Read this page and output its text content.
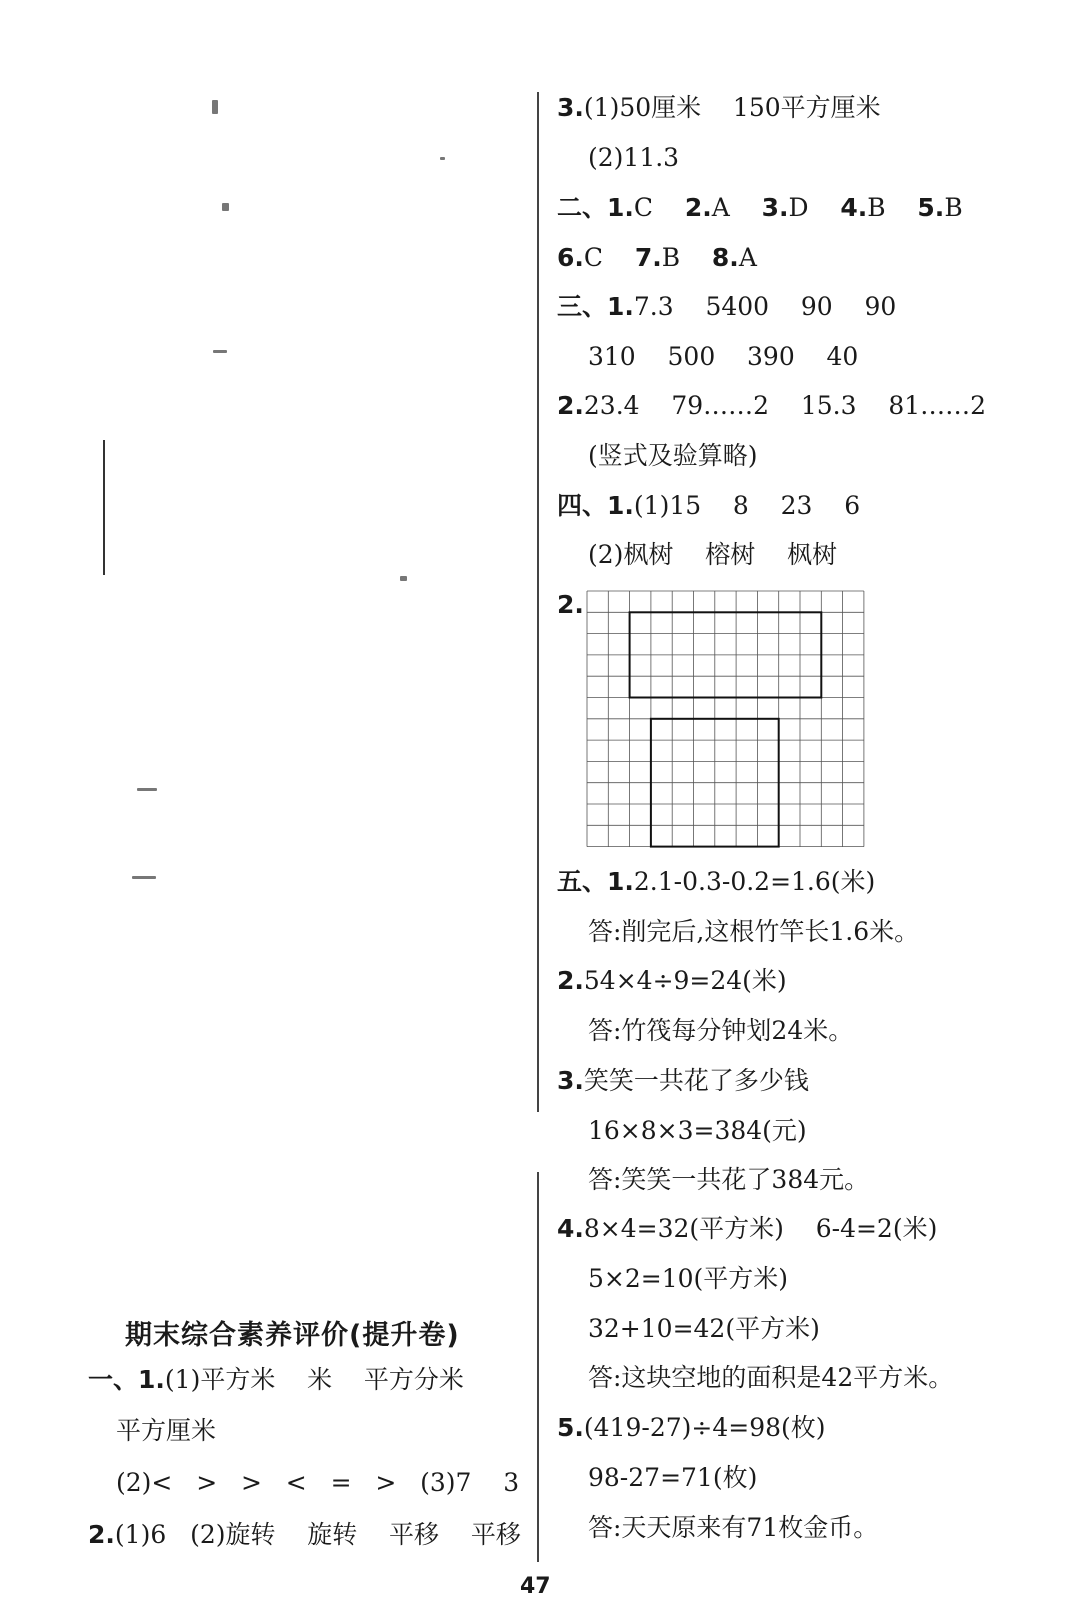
期末综合素养评价(提升卷)
一、1.(1)平方米    米    平方分米
平方厘米
(2)<   >   >   <   =   >   (3)7    3
2.(1)6   (2)旋转    旋转    平移    平移
3.(1)50厘米    150平方厘米
(2)11.3
二、1.C    2.A    3.D    4.B    5.B
6.C    7.B    8.A
三、1.7.3    5400    90    90
310    500    390    40
2.23.4    79……2    15.3    81……2
(竖式及验算略)
四、1.(1)15    8    23    6
(2)枫树    榕树    枫树
2.
五、1.2.1-0.3-0.2=1.6(米)
答:削完后,这根竹竿长1.6米。
2.54×4÷9=24(米)
答:竹筏每分钟划24米。
3.笑笑一共花了多少钱
16×8×3=384(元)
答:笑笑一共花了384元。
4.8×4=32(平方米)    6-4=2(米)
5×2=10(平方米)
32+10=42(平方米)
答:这块空地的面积是42平方米。
5.(419-27)÷4=98(枚)
98-27=71(枚)
答:天天原来有71枚金币。
47
